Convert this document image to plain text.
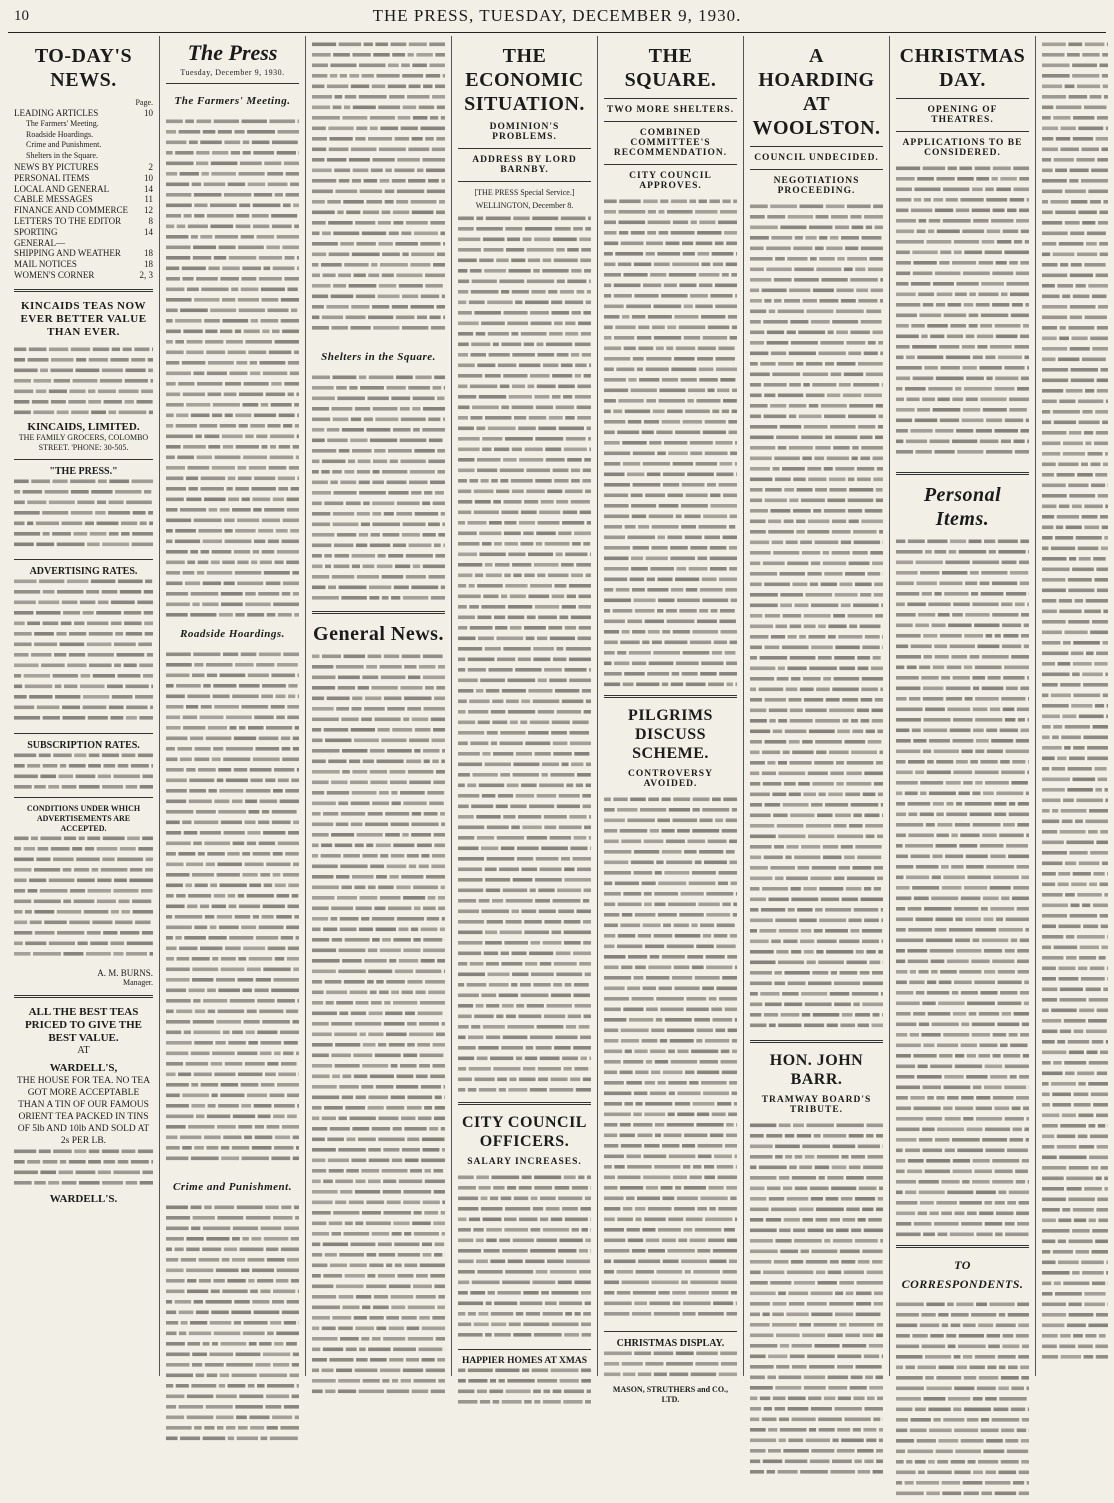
10	THE PRESS, TUESDAY, DECEMBER 9, 1930.
TO-DAY'S NEWS.
Page.
LEADING ARTICLES	10
The Farmers' Meeting.
Roadside Hoardings.
Crime and Punishment.
Shelters in the Square.
NEWS BY PICTURES	2
PERSONAL ITEMS	10
LOCAL AND GENERAL	14
CABLE MESSAGES	11
FINANCE AND COMMERCE 12
LETTERS TO THE EDITOR	8
SPORTING	14
GENERAL—
SHIPPING AND WEATHER	18
MAIL NOTICES	18
WOMEN'S CORNER	2, 3
KINCAIDS TEAS NOW EVER BETTER VALUE THAN EVER.
KINCAIDS, LIMITED.
THE FAMILY GROCERS, COLOMBO STREET. 'PHONE: 30-505.
"THE PRESS."
ADVERTISING RATES.
SUBSCRIPTION RATES.
CONDITIONS UNDER WHICH ADVERTISEMENTS ARE ACCEPTED.
A. M. BURNS.
Manager.
ALL THE BEST TEAS PRICED TO GIVE THE BEST VALUE.
AT
WARDELL'S,
THE HOUSE FOR TEA. NO TEA GOT MORE ACCEPTABLE THAN A TIN OF OUR FAMOUS ORIENT TEA PACKED IN TINS OF 5lb AND 10lb AND SOLD AT 2s PER LB.
WARDELL'S.
The Press
Tuesday, December 9, 1930.
The Farmers' Meeting.
Roadside Hoardings.
Crime and Punishment.
Shelters in the Square.
General News.
THE ECONOMIC SITUATION.
DOMINION'S PROBLEMS.
ADDRESS BY LORD BARNBY.
[THE PRESS Special Service.]
WELLINGTON, December 8.
CITY COUNCIL OFFICERS.
SALARY INCREASES.
HAPPIER HOMES AT XMAS
THE SQUARE.
TWO MORE SHELTERS.
COMBINED COMMITTEE'S RECOMMENDATION.
CITY COUNCIL APPROVES.
PILGRIMS DISCUSS SCHEME.
CONTROVERSY AVOIDED.
CHRISTMAS DISPLAY.
MASON, STRUTHERS and CO., LTD.
A HOARDING AT WOOLSTON.
COUNCIL UNDECIDED.
NEGOTIATIONS PROCEEDING.
HON. JOHN BARR.
TRAMWAY BOARD'S TRIBUTE.
CHRISTMAS DAY.
OPENING OF THEATRES.
APPLICATIONS TO BE CONSIDERED.
Personal Items.
TO CORRESPONDENTS.
